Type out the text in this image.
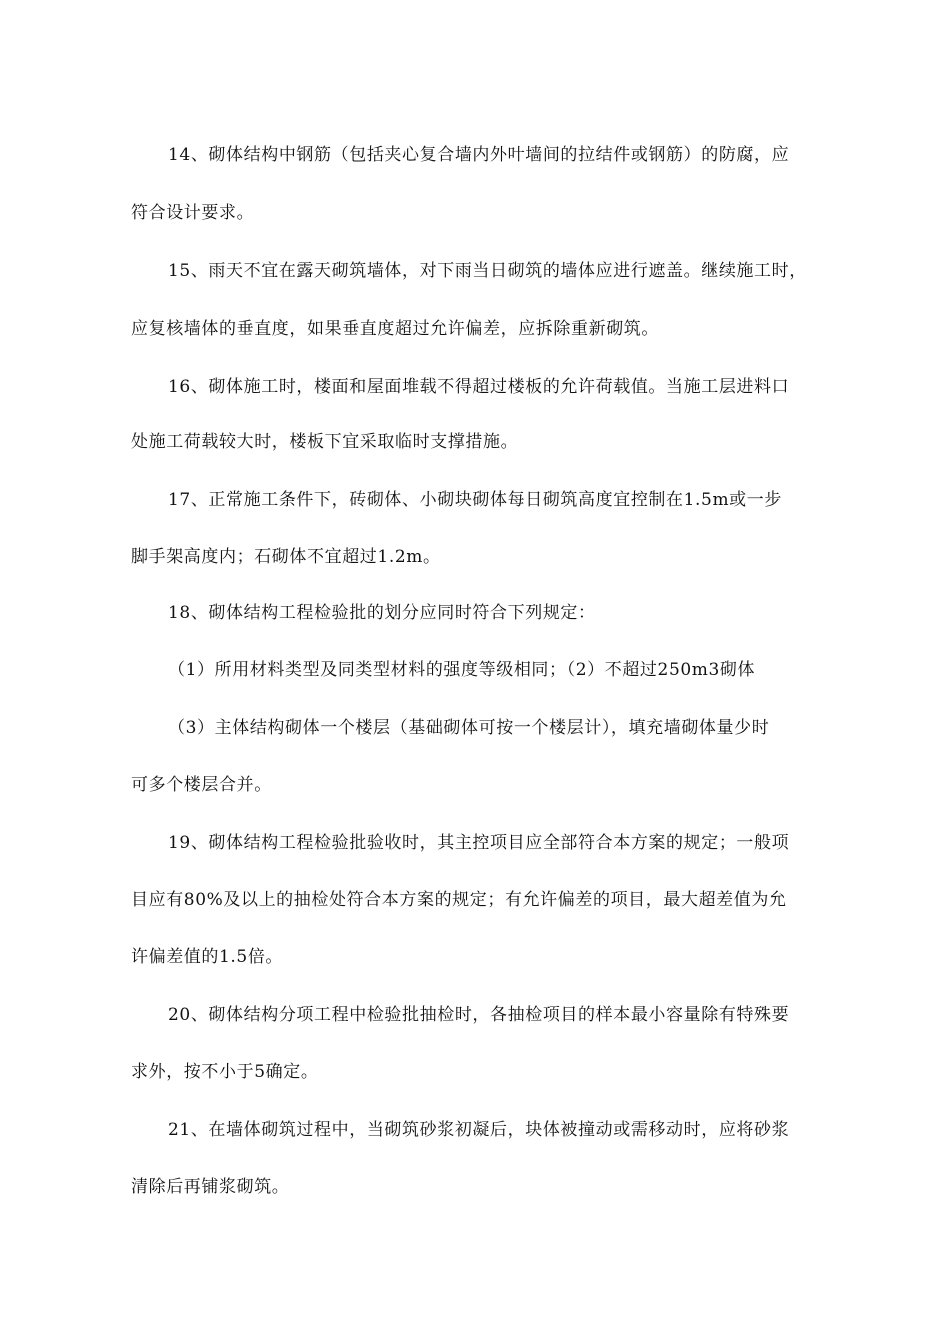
14、砌体结构中钢筋（包括夹心复合墙内外叶墙间的拉结件或钢筋）的防腐，应
符合设计要求。
15、雨天不宜在露天砌筑墙体，对下雨当日砌筑的墙体应进行遮盖。继续施工时，
应复核墙体的垂直度，如果垂直度超过允许偏差，应拆除重新砌筑。
16、砌体施工时，楼面和屋面堆载不得超过楼板的允许荷载值。当施工层进料口
处施工荷载较大时，楼板下宜采取临时支撑措施。
17、正常施工条件下，砖砌体、小砌块砌体每日砌筑高度宜控制在1.5m或一步
脚手架高度内；石砌体不宜超过1.2m。
18、砌体结构工程检验批的划分应同时符合下列规定：
（1）所用材料类型及同类型材料的强度等级相同；（2）不超过250m3砌体
（3）主体结构砌体一个楼层（基础砌体可按一个楼层计），填充墙砌体量少时
可多个楼层合并。
19、砌体结构工程检验批验收时，其主控项目应全部符合本方案的规定；一般项
目应有80%及以上的抽检处符合本方案的规定；有允许偏差的项目，最大超差值为允
许偏差值的1.5倍。
20、砌体结构分项工程中检验批抽检时，各抽检项目的样本最小容量除有特殊要
求外，按不小于5确定。
21、在墙体砌筑过程中，当砌筑砂浆初凝后，块体被撞动或需移动时，应将砂浆
清除后再铺浆砌筑。
